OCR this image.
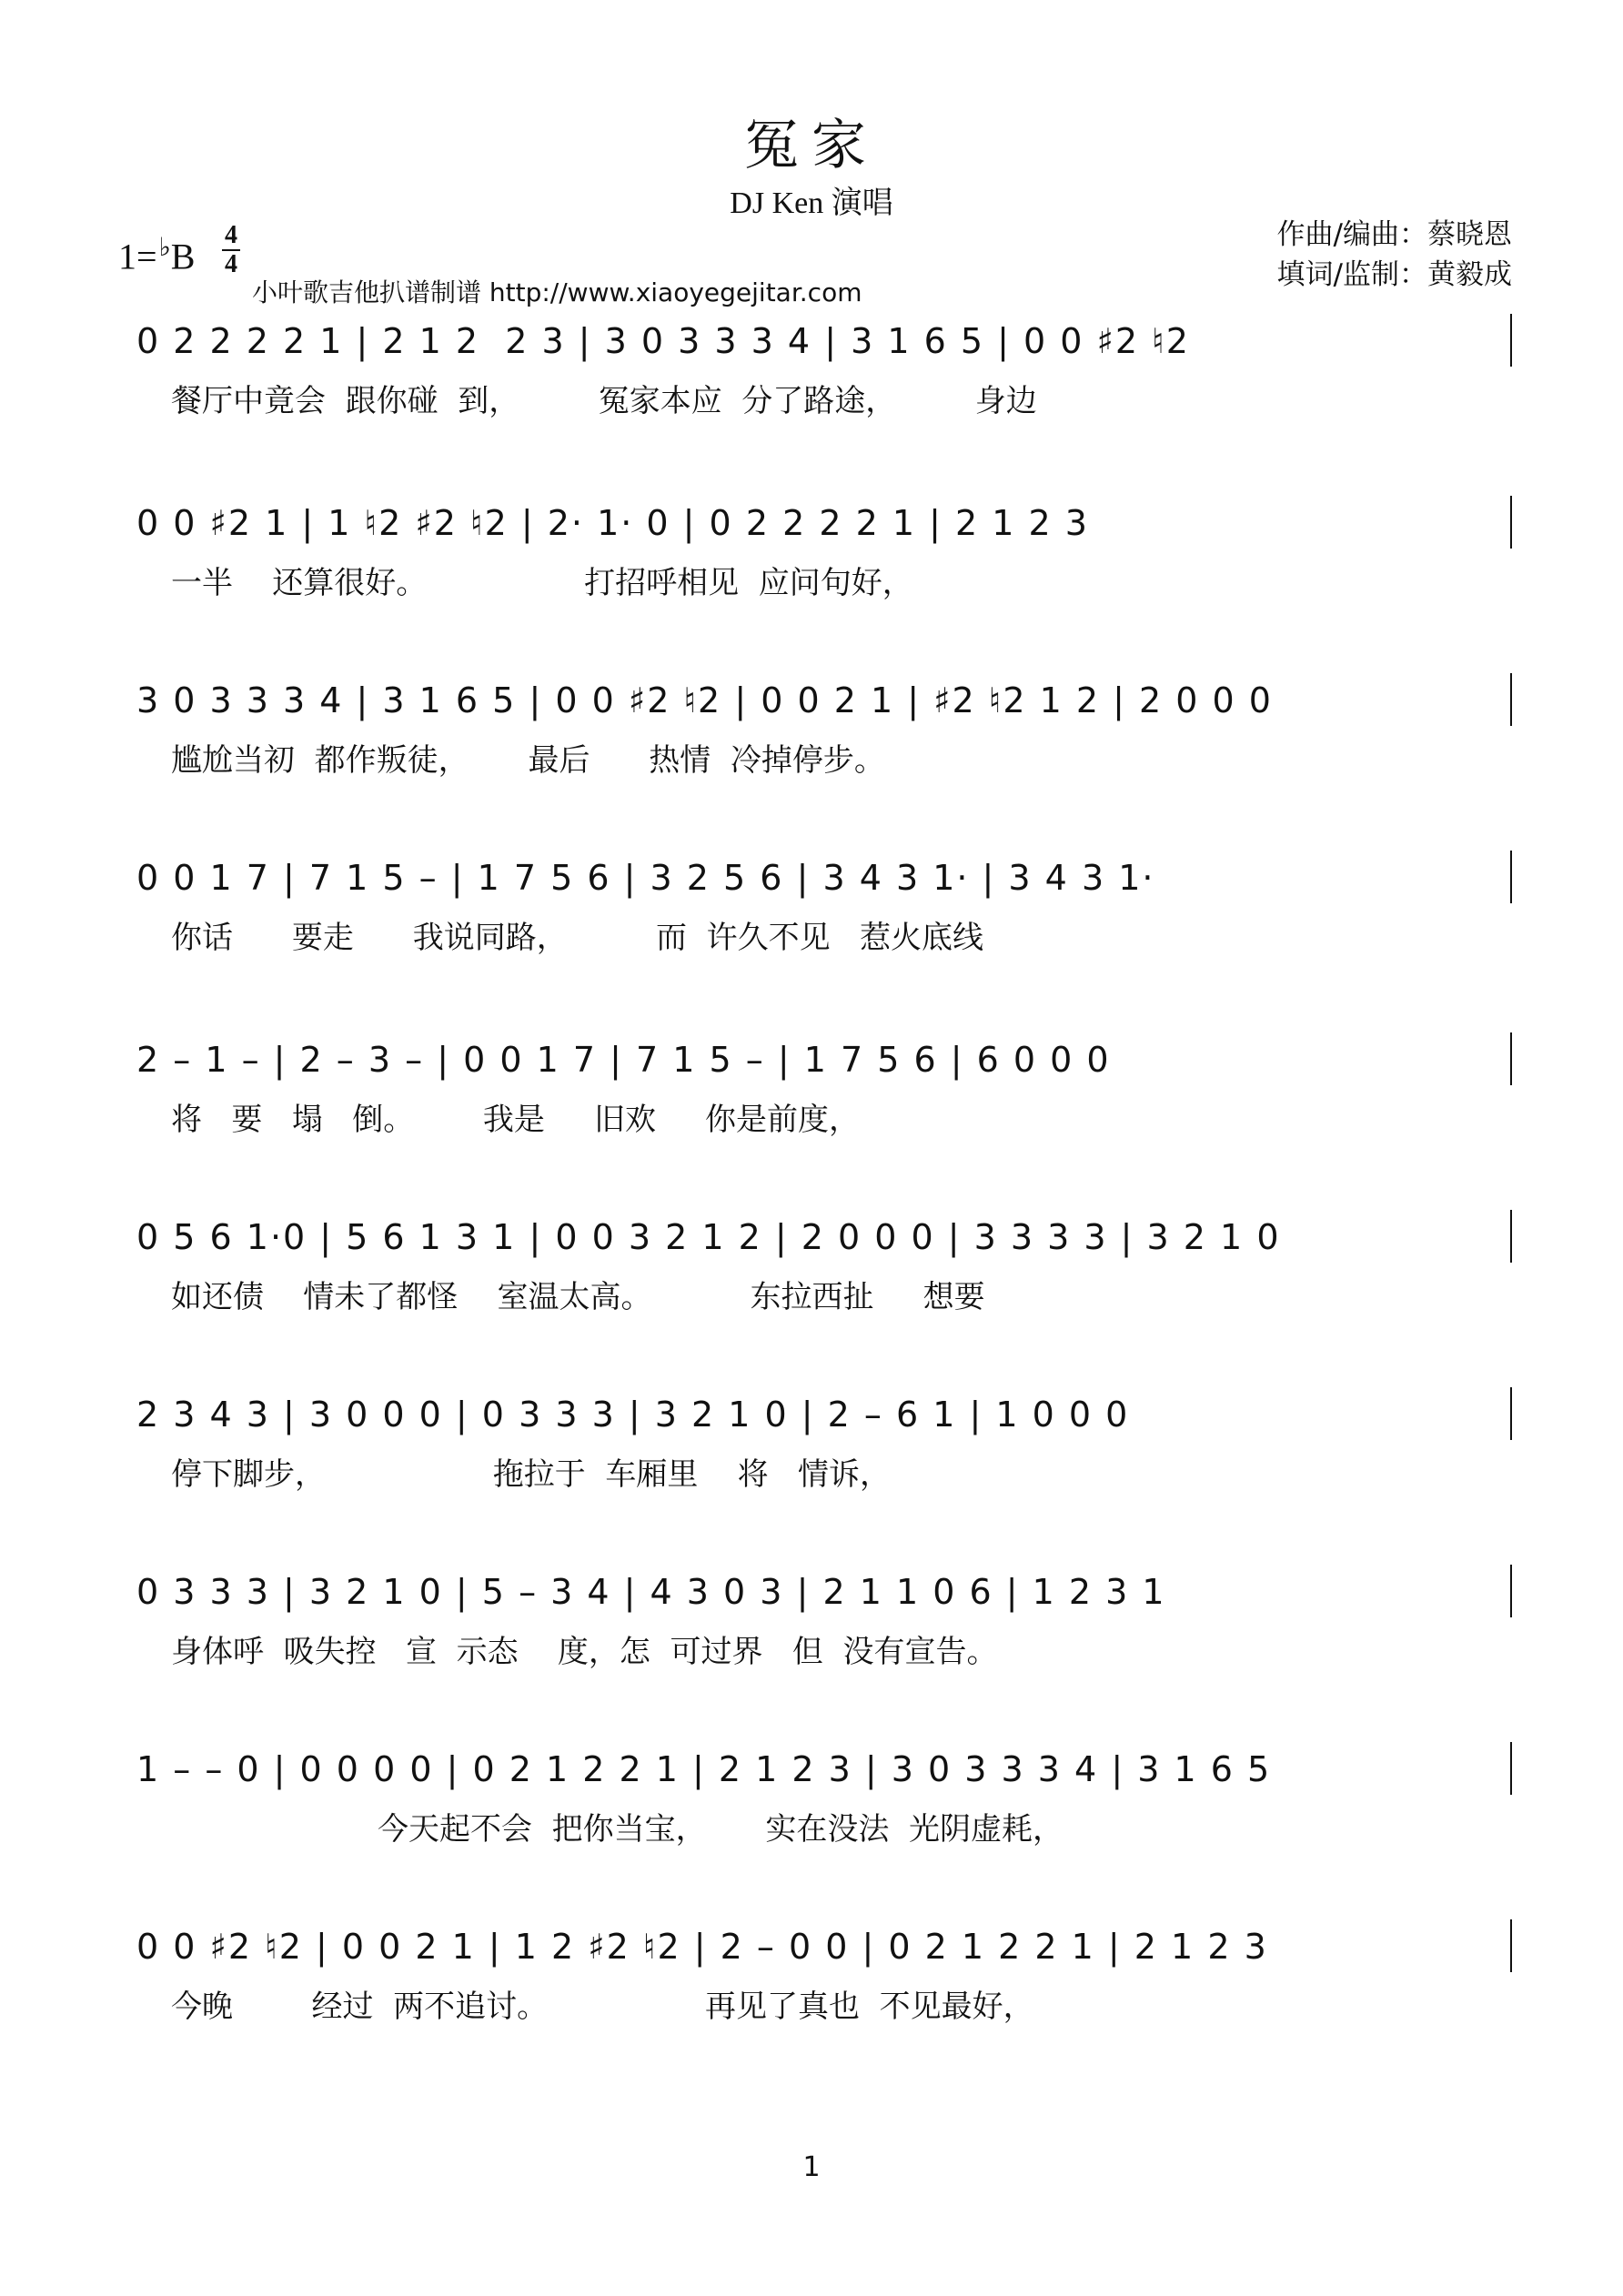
冤家
DJ Ken 演唱
作曲/编曲：蔡晓恩
填词/监制：黄毅成
1=♭B
4
4
小叶歌吉他扒谱制谱 http://www.xiaoyegejitar.com
0 2 2 2 2 1 | 2 1 2  2 3 | 3 0 3 3 3 4 | 3 1 6 5 | 0 0 ♯2 ♮2
餐厅中竟会  跟你碰  到，        冤家本应  分了路途，        身边
0 0 ♯2 1 | 1 ♮2 ♯2 ♮2 | 2· 1· 0 | 0 2 2 2 2 1 | 2 1 2 3
一半    还算很好。                打招呼相见  应问句好，
3 0 3 3 3 4 | 3 1 6 5 | 0 0 ♯2 ♮2 | 0 0 2 1 | ♯2 ♮2 1 2 | 2 0 0 0
尴尬当初  都作叛徒，      最后      热情  冷掉停步。
0 0 1 7 | 7 1 5 – | 1 7 5 6 | 3 2 5 6 | 3 4 3 1· | 3 4 3 1·
你话      要走      我说同路，         而  许久不见   惹火底线
2 – 1 – | 2 – 3 – | 0 0 1 7 | 7 1 5 – | 1 7 5 6 | 6 0 0 0
将   要   塌   倒。       我是     旧欢     你是前度，
0 5 6 1·0 | 5 6 1 3 1 | 0 0 3 2 1 2 | 2 0 0 0 | 3 3 3 3 | 3 2 1 0
如还债    情未了都怪    室温太高。          东拉西扯     想要
2 3 4 3 | 3 0 0 0 | 0 3 3 3 | 3 2 1 0 | 2 – 6 1 | 1 0 0 0
停下脚步，                 拖拉于  车厢里    将   情诉，
0 3 3 3 | 3 2 1 0 | 5 – 3 4 | 4 3 0 3 | 2 1 1 0 6 | 1 2 3 1
身体呼  吸失控   宣  示态    度，怎  可过界   但  没有宣告。
1 – – 0 | 0 0 0 0 | 0 2 1 2 2 1 | 2 1 2 3 | 3 0 3 3 3 4 | 3 1 6 5
今天起不会  把你当宝，      实在没法  光阴虚耗，
0 0 ♯2 ♮2 | 0 0 2 1 | 1 2 ♯2 ♮2 | 2 – 0 0 | 0 2 1 2 2 1 | 2 1 2 3
今晚        经过  两不追讨。                再见了真也  不见最好，
1
